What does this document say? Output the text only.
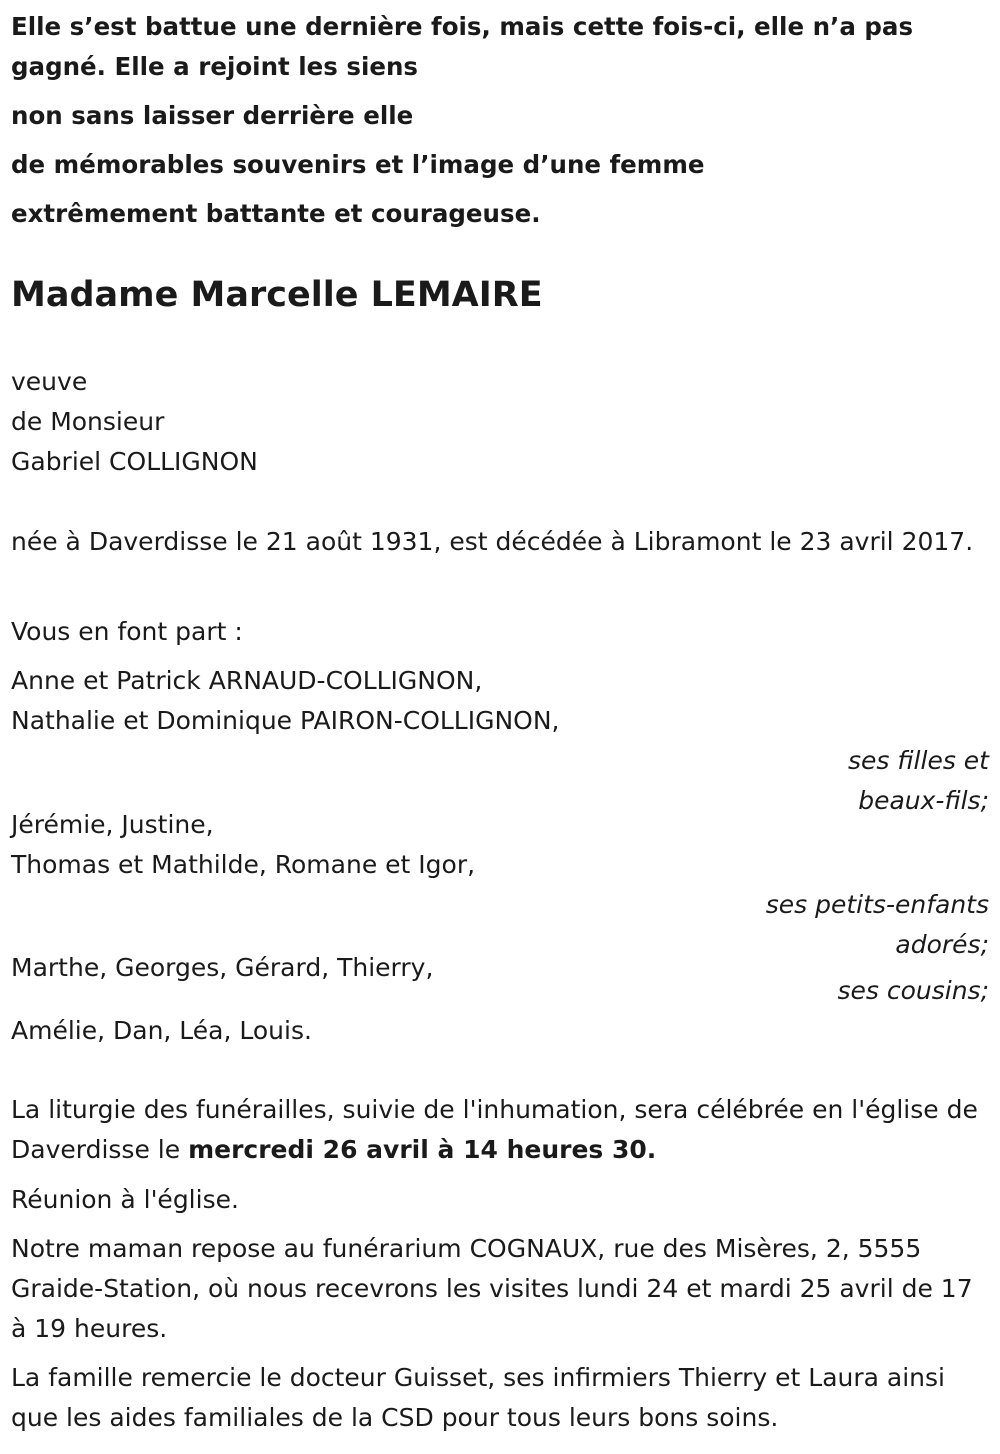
Elle s’est battue une dernière fois, mais cette fois-ci, elle n’a pas gagné. Elle a rejoint les siens

non sans laisser derrière elle

de mémorables souvenirs et l’image d’une femme

extrêmement battante et courageuse.

Madame Marcelle LEMAIRE

veuve

de Monsieur

Gabriel COLLIGNON

née à Daverdisse le 21 août 1931, est décédée à Libramont le 23 avril 2017.

Vous en font part :

Anne et Patrick ARNAUD-COLLIGNON,

Nathalie et Dominique PAIRON-COLLIGNON,

ses filles et
beaux-fils;

Jérémie, Justine,

Thomas et Mathilde, Romane et Igor,

ses petits-enfants
adorés;

Marthe, Georges, Gérard, Thierry,

ses cousins;

Amélie, Dan, Léa, Louis.

La liturgie des funérailles, suivie de l'inhumation, sera célébrée en l'église de Daverdisse le mercredi 26 avril à 14 heures 30.

Réunion à l'église.

Notre maman repose au funérarium COGNAUX, rue des Misères, 2, 5555 Graide-Station, où nous recevrons les visites lundi 24 et mardi 25 avril de 17 à 19 heures.

La famille remercie le docteur Guisset, ses infirmiers Thierry et Laura ainsi que les aides familiales de la CSD pour tous leurs bons soins.
